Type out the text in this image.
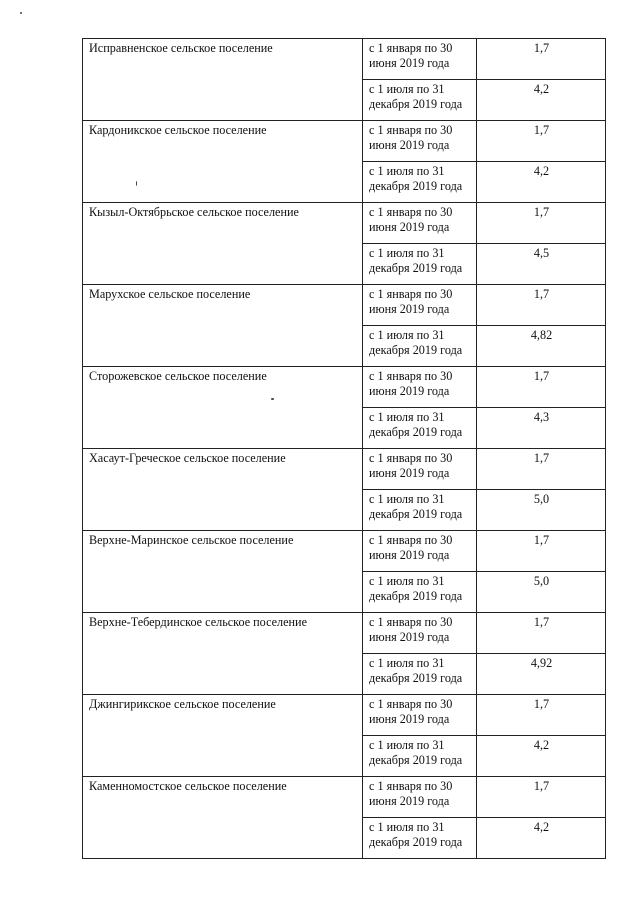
Исправненское сельское поселение	с 1 января по 30 июня 2019 года	1,7
	с 1 июля по 31 декабря 2019 года	4,2
Кардоникское сельское поселение	с 1 января по 30 июня 2019 года	1,7
	с 1 июля по 31 декабря 2019 года	4,2
Кызыл-Октябрьское сельское поселение	с 1 января по 30 июня 2019 года	1,7
	с 1 июля по 31 декабря 2019 года	4,5
Марухское сельское поселение	с 1 января по 30 июня 2019 года	1,7
	с 1 июля по 31 декабря 2019 года	4,82
Сторожевское сельское поселение	с 1 января по 30 июня 2019 года	1,7
	с 1 июля по 31 декабря 2019 года	4,3
Хасаут-Греческое сельское поселение	с 1 января по 30 июня 2019 года	1,7
	с 1 июля по 31 декабря 2019 года	5,0
Верхне-Маринское сельское поселение	с 1 января по 30 июня 2019 года	1,7
	с 1 июля по 31 декабря 2019 года	5,0
Верхне-Тебердинское сельское поселение	с 1 января по 30 июня 2019 года	1,7
	с 1 июля по 31 декабря 2019 года	4,92
Джингирикское сельское поселение	с 1 января по 30 июня 2019 года	1,7
	с 1 июля по 31 декабря 2019 года	4,2
Каменномостское сельское поселение	с 1 января по 30 июня 2019 года	1,7
	с 1 июля по 31 декабря 2019 года	4,2
